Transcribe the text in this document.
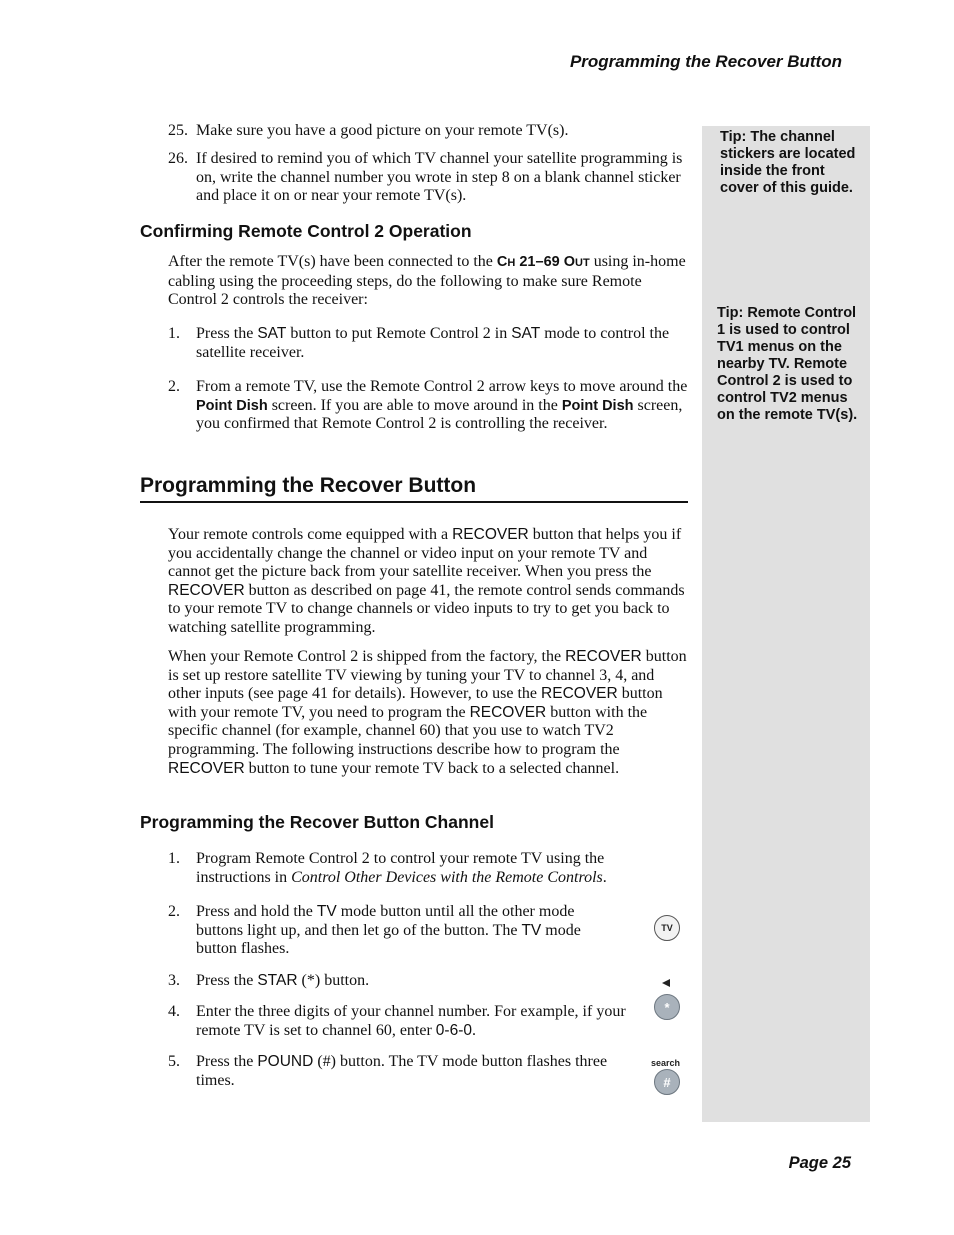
Programming the Recover Button

Tip: The channel stickers are located inside the front cover of this guide.

Tip: Remote Control 1 is used to control TV1 menus on the nearby TV. Remote Control 2 is used to control TV2 menus on the remote TV(s).

25. Make sure you have a good picture on your remote TV(s).
26. If desired to remind you of which TV channel your satellite programming is on, write the channel number you wrote in step 8 on a blank channel sticker and place it on or near your remote TV(s).
Confirming Remote Control 2 Operation

After the remote TV(s) have been connected to the CH 21–69 OUT using in-home cabling using the proceeding steps, do the following to make sure Remote Control 2 controls the receiver:

1. Press the SAT button to put Remote Control 2 in SAT mode to control the satellite receiver.
2. From a remote TV, use the Remote Control 2 arrow keys to move around the Point Dish screen. If you are able to move around in the Point Dish screen, you confirmed that Remote Control 2 is controlling the receiver.
Programming the Recover Button

Your remote controls come equipped with a RECOVER button that helps you if you accidentally change the channel or video input on your remote TV and cannot get the picture back from your satellite receiver. When you press the RECOVER button as described on page 41, the remote control sends commands to your remote TV to change channels or video inputs to try to get you back to watching satellite programming.

When your Remote Control 2 is shipped from the factory, the RECOVER button is set up restore satellite TV viewing by tuning your TV to channel 3, 4, and other inputs (see page 41 for details). However, to use the RECOVER button with your remote TV, you need to program the RECOVER button with the specific channel (for example, channel 60) that you use to watch TV2 programming. The following instructions describe how to program the RECOVER button to tune your remote TV back to a selected channel.

Programming the Recover Button Channel
1. Program Remote Control 2 to control your remote TV using the instructions in Control Other Devices with the Remote Controls.
2. Press and hold the TV mode button until all the other mode buttons light up, and then let go of the button. The TV mode button flashes.
3. Press the STAR (*) button.
4. Enter the three digits of your channel number. For example, if your remote TV is set to channel 60, enter 0-6-0.
5. Press the POUND (#) button. The TV mode button flashes three times.
TV
*
search
#
Page 25
